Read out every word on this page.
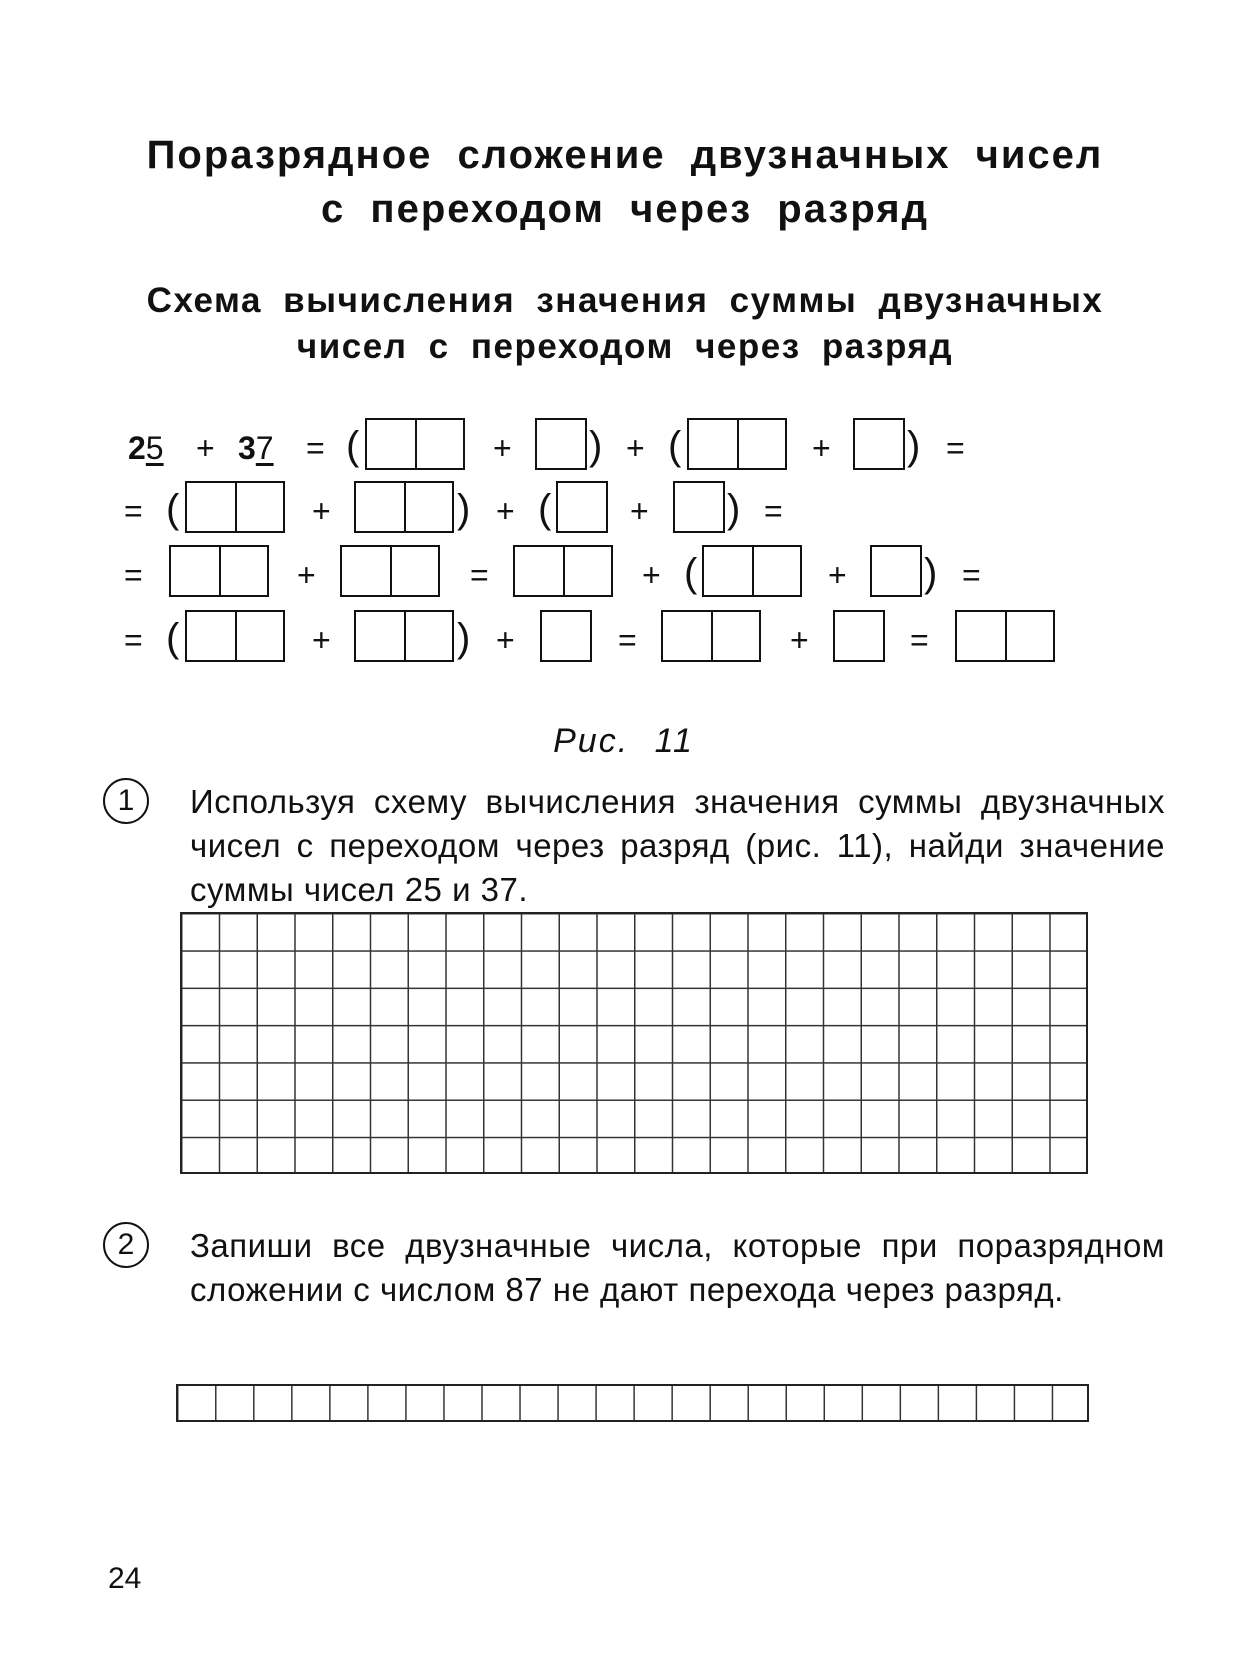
Поразрядное сложение двузначных чисел
с переходом через разряд
Схема вычисления значения суммы двузначных
чисел с переходом через разряд
25 + 37 = (	+ ) + (	+ ) =
= (	+	) + ( + ) =
=	+	=	+ (	+ ) =
= (	+	) +	=	+	=
Рис. 11
1	Используя схему вычисления значения суммы двузначных чисел с переходом через разряд (рис. 11), найди значение суммы чисел 25 и 37.
2	Запиши все двузначные числа, которые при поразрядном сложении с числом 87 не дают перехода через разряд.
24
